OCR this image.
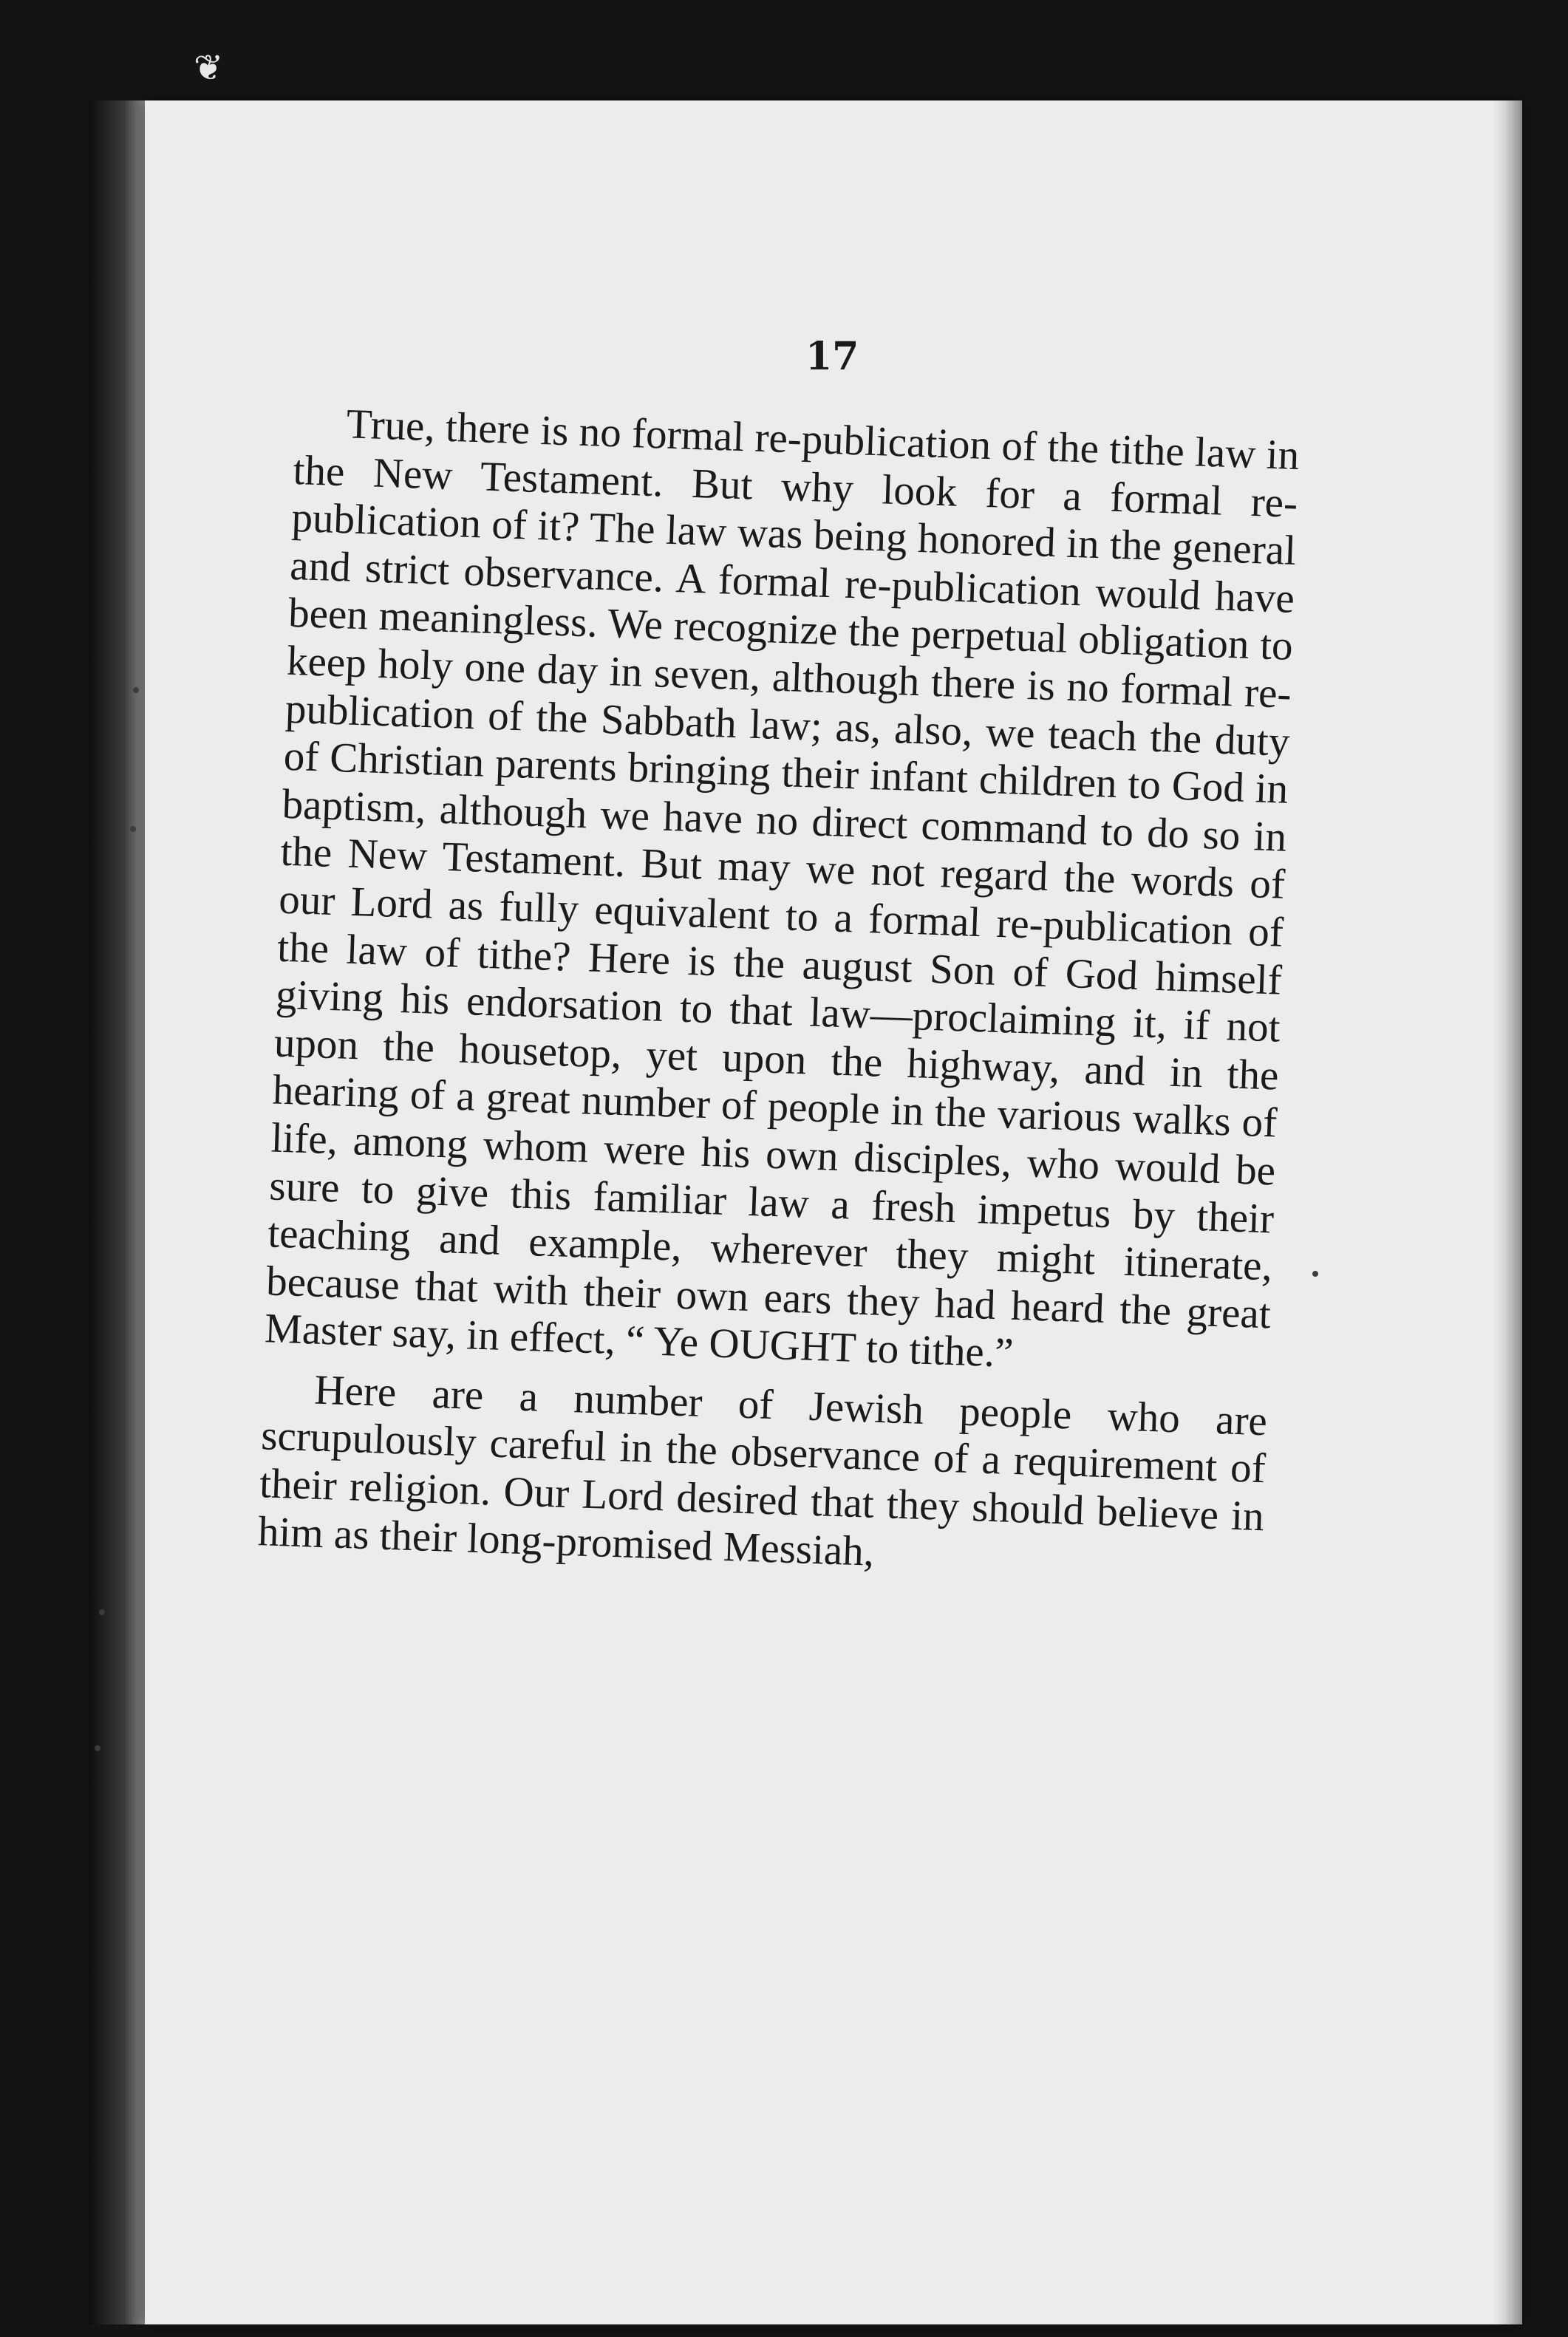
❦
17

True, there is no formal re-publication of the tithe law in the New Testament. But why look for a formal re-publication of it? The law was being honored in the general and strict observance. A formal re-publication would have been meaningless. We recognize the perpetual obligation to keep holy one day in seven, although there is no formal re-publication of the Sabbath law; as, also, we teach the duty of Christian parents bringing their infant children to God in baptism, although we have no direct command to do so in the New Testament. But may we not regard the words of our Lord as fully equivalent to a formal re-publication of the law of tithe? Here is the august Son of God himself giving his endorsation to that law—proclaiming it, if not upon the housetop, yet upon the highway, and in the hearing of a great number of people in the various walks of life, among whom were his own disciples, who would be sure to give this familiar law a fresh impetus by their teaching and example, wherever they might itinerate, because that with their own ears they had heard the great Master say, in effect, “ Ye OUGHT to tithe.”

Here are a number of Jewish people who are scrupulously careful in the observance of a requirement of their religion. Our Lord desired that they should believe in him as their long-promised Messiah,
